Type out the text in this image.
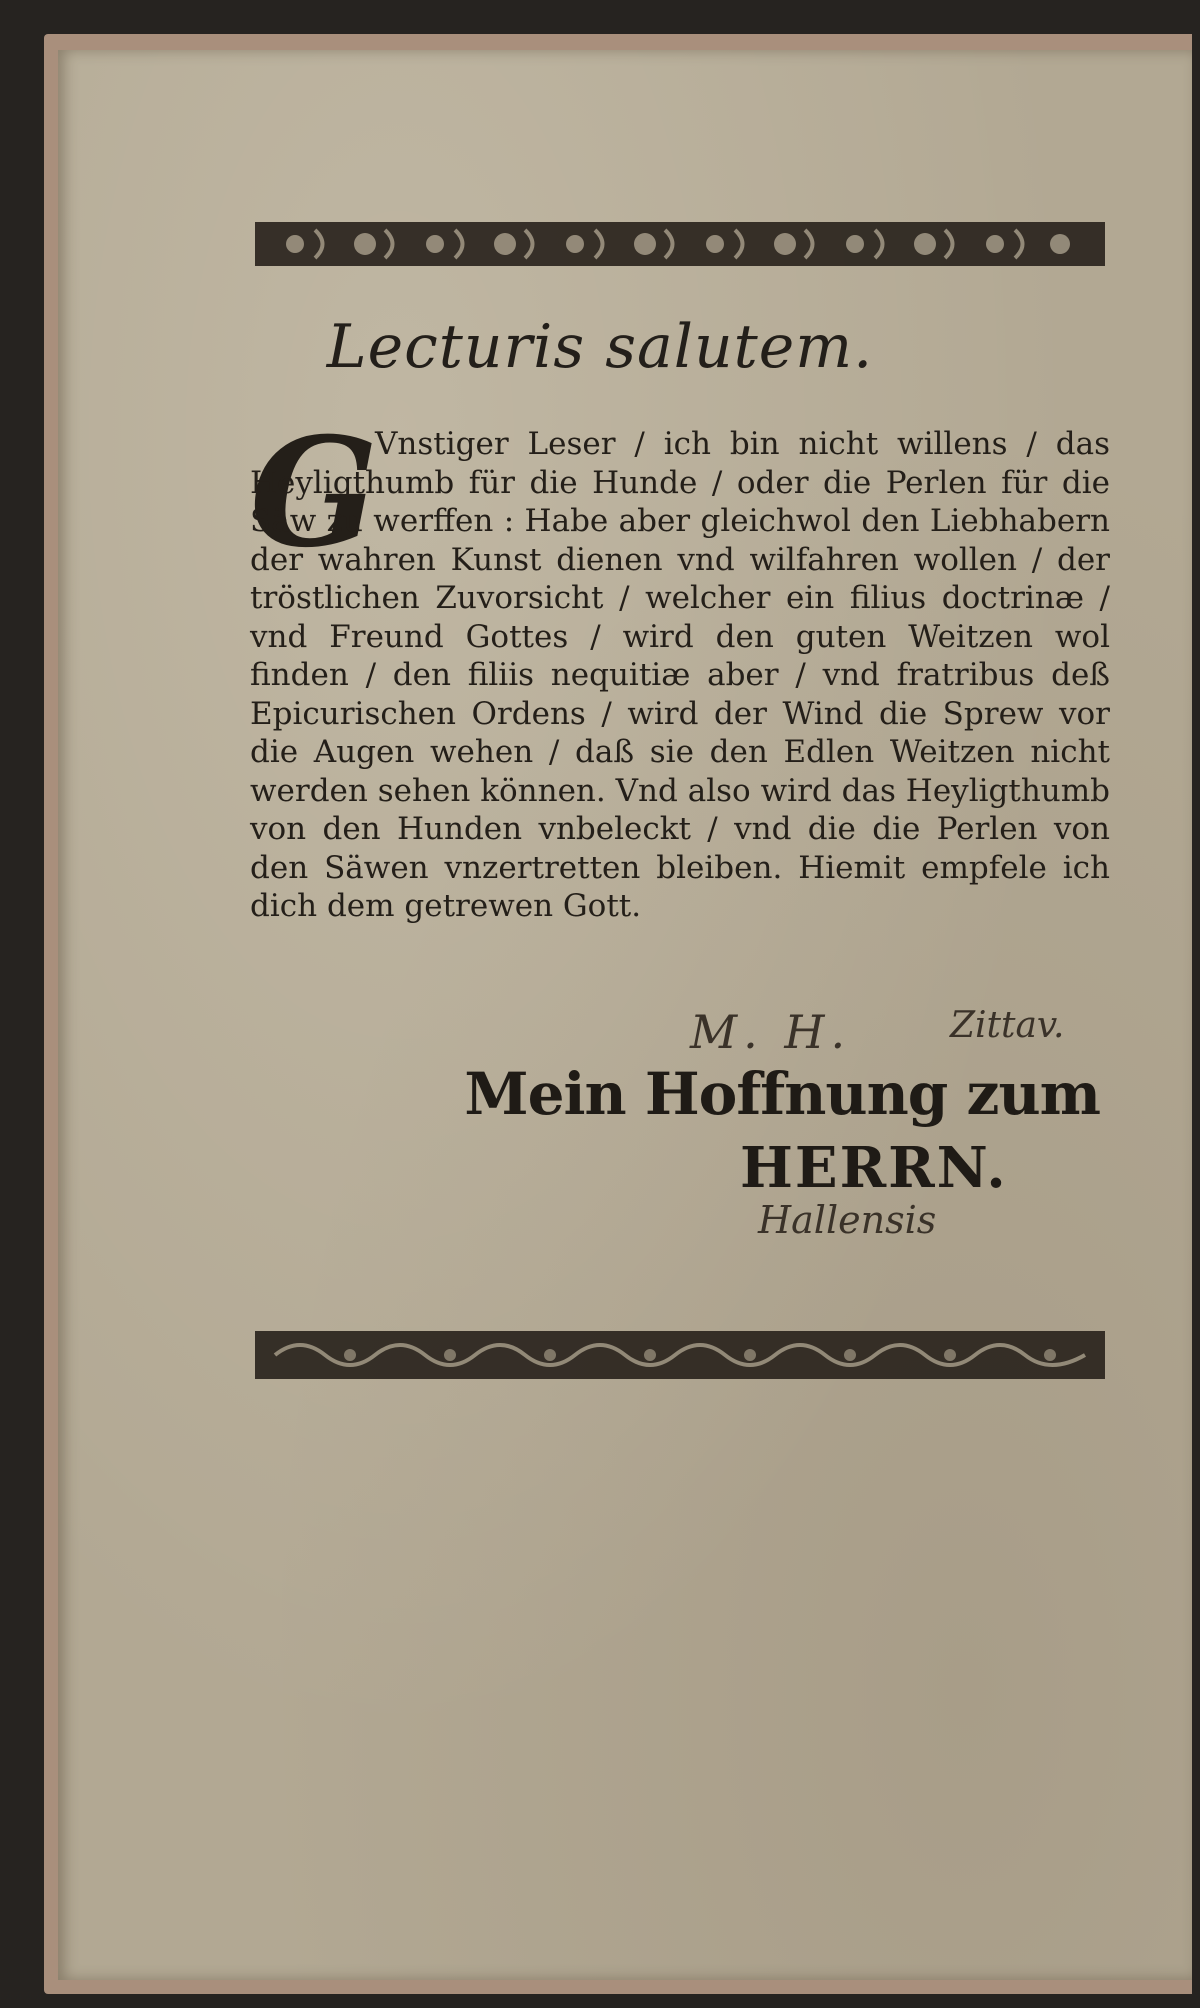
Lecturis salutem.
G
Vnstiger Leser / ich bin nicht willens / das Heyligthumb für die Hunde / oder die Perlen für die Säw zu werffen : Habe aber gleichwol den Liebhabern der wahren Kunst dienen vnd wilfahren wollen / der tröstlichen Zuvorsicht / welcher ein filius doctrinæ / vnd Freund Gottes / wird den guten Weitzen wol finden / den filiis nequitiæ aber / vnd fratribus deß Epicurischen Ordens / wird der Wind die Sprew vor die Augen wehen / daß sie den Edlen Weitzen nicht werden sehen können. Vnd also wird das Heyligthumb von den Hunden vnbeleckt / vnd die die Perlen von den Säwen vnzertretten bleiben. Hiemit empfele ich dich dem getrewen Gott.
M. H.	Zittav.
Mein Hoffnung zum
HERRN.
Hallensis
